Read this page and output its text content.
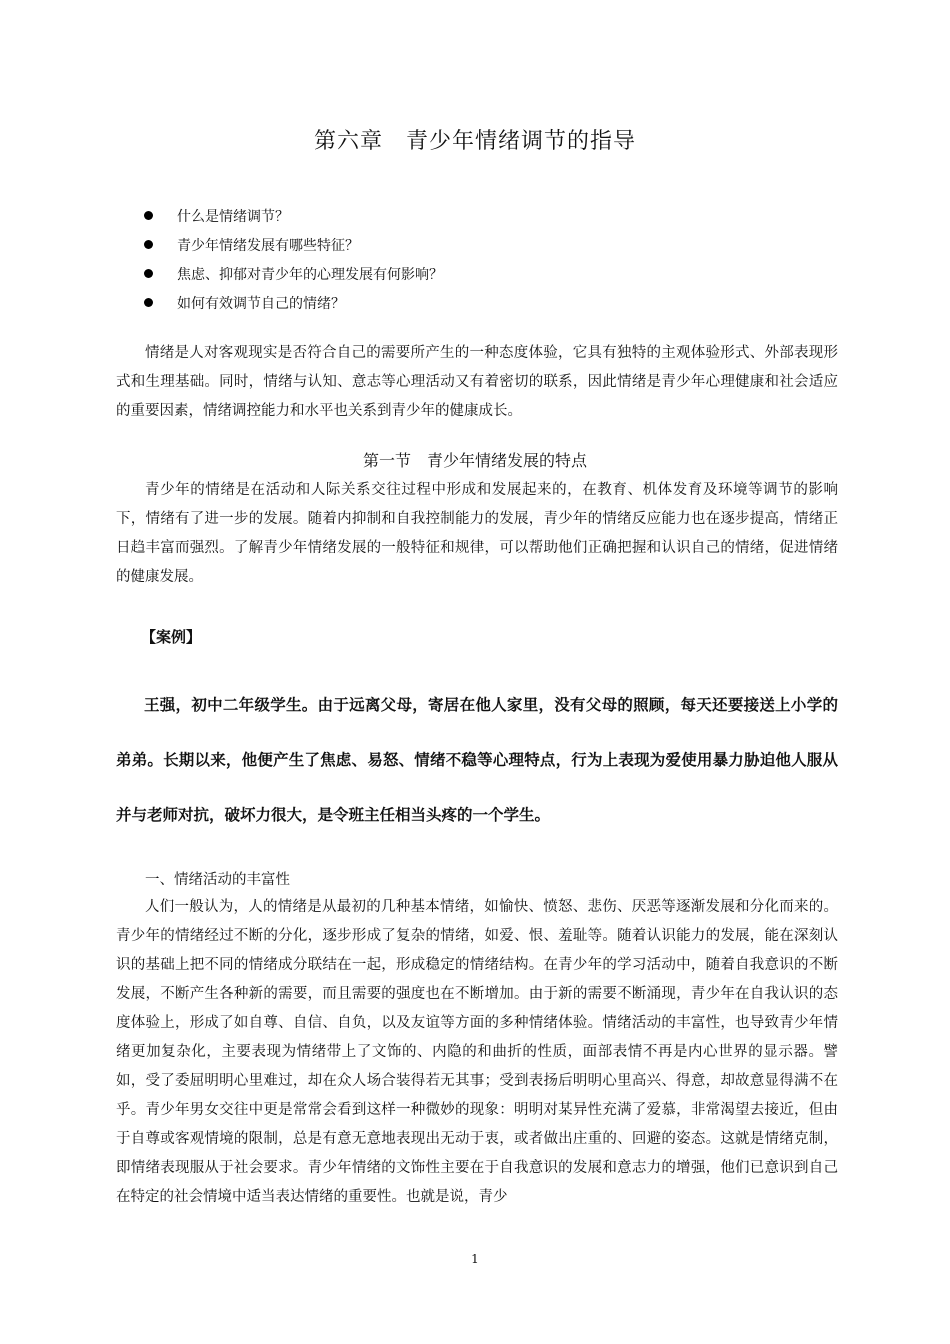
第六章　青少年情绪调节的指导
什么是情绪调节？
青少年情绪发展有哪些特征？
焦虑、抑郁对青少年的心理发展有何影响？
如何有效调节自己的情绪？

情绪是人对客观现实是否符合自己的需要所产生的一种态度体验，它具有独特的主观体验形式、外部表现形式和生理基础。同时，情绪与认知、意志等心理活动又有着密切的联系，因此情绪是青少年心理健康和社会适应的重要因素，情绪调控能力和水平也关系到青少年的健康成长。

第一节　青少年情绪发展的特点

青少年的情绪是在活动和人际关系交往过程中形成和发展起来的，在教育、机体发育及环境等调节的影响下，情绪有了进一步的发展。随着内抑制和自我控制能力的发展，青少年的情绪反应能力也在逐步提高，情绪正日趋丰富而强烈。了解青少年情绪发展的一般特征和规律，可以帮助他们正确把握和认识自己的情绪，促进情绪的健康发展。

【案例】

王强，初中二年级学生。由于远离父母，寄居在他人家里，没有父母的照顾，每天还要接送上小学的弟弟。长期以来，他便产生了焦虑、易怒、情绪不稳等心理特点，行为上表现为爱使用暴力胁迫他人服从并与老师对抗，破坏力很大，是令班主任相当头疼的一个学生。

一、情绪活动的丰富性

人们一般认为，人的情绪是从最初的几种基本情绪，如愉快、愤怒、悲伤、厌恶等逐渐发展和分化而来的。青少年的情绪经过不断的分化，逐步形成了复杂的情绪，如爱、恨、羞耻等。随着认识能力的发展，能在深刻认识的基础上把不同的情绪成分联结在一起，形成稳定的情绪结构。在青少年的学习活动中，随着自我意识的不断发展，不断产生各种新的需要，而且需要的强度也在不断增加。由于新的需要不断涌现，青少年在自我认识的态度体验上，形成了如自尊、自信、自负，以及友谊等方面的多种情绪体验。情绪活动的丰富性，也导致青少年情绪更加复杂化，主要表现为情绪带上了文饰的、内隐的和曲折的性质，面部表情不再是内心世界的显示器。譬如，受了委屈明明心里难过，却在众人场合装得若无其事；受到表扬后明明心里高兴、得意，却故意显得满不在乎。青少年男女交往中更是常常会看到这样一种微妙的现象：明明对某异性充满了爱慕，非常渴望去接近，但由于自尊或客观情境的限制，总是有意无意地表现出无动于衷，或者做出庄重的、回避的姿态。这就是情绪克制，即情绪表现服从于社会要求。青少年情绪的文饰性主要在于自我意识的发展和意志力的增强，他们已意识到自己在特定的社会情境中适当表达情绪的重要性。也就是说，青少

1
